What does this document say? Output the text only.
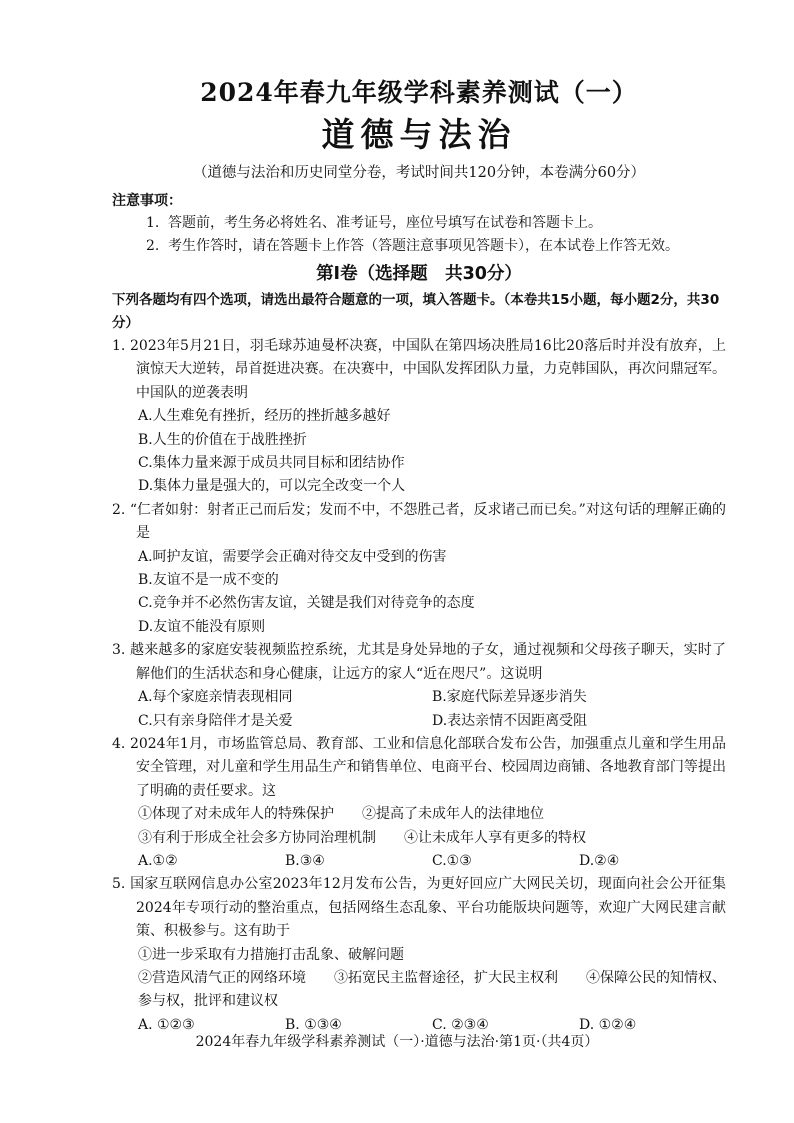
2024年春九年级学科素养测试（一）
道德与法治
（道德与法治和历史同堂分卷，考试时间共120分钟，本卷满分60分）
注意事项：
1. 答题前，考生务必将姓名、准考证号，座位号填写在试卷和答题卡上。
2. 考生作答时，请在答题卡上作答（答题注意事项见答题卡），在本试卷上作答无效。
第Ⅰ卷（选择题　共30分）
下列各题均有四个选项，请选出最符合题意的一项，填入答题卡。（本卷共15小题，每小题2分，共30分）
1. 2023年5月21日，羽毛球苏迪曼杯决赛，中国队在第四场决胜局16比20落后时并没有放弃，上演惊天大逆转，昂首挺进决赛。在决赛中，中国队发挥团队力量，力克韩国队，再次问鼎冠军。中国队的逆袭表明
A.人生难免有挫折，经历的挫折越多越好
B.人生的价值在于战胜挫折
C.集体力量来源于成员共同目标和团结协作
D.集体力量是强大的，可以完全改变一个人
2. “仁者如射：射者正己而后发；发而不中，不怨胜己者，反求诸己而已矣。”对这句话的理解正确的是
A.呵护友谊，需要学会正确对待交友中受到的伤害
B.友谊不是一成不变的
C.竞争并不必然伤害友谊，关键是我们对待竞争的态度
D.友谊不能没有原则
3. 越来越多的家庭安装视频监控系统，尤其是身处异地的子女，通过视频和父母孩子聊天，实时了解他们的生活状态和身心健康，让远方的家人“近在咫尺”。这说明
A.每个家庭亲情表现相同	B.家庭代际差异逐步消失
C.只有亲身陪伴才是关爱	D.表达亲情不因距离受阻
4. 2024年1月，市场监管总局、教育部、工业和信息化部联合发布公告，加强重点儿童和学生用品安全管理，对儿童和学生用品生产和销售单位、电商平台、校园周边商铺、各地教育部门等提出了明确的责任要求。这
①体现了对未成年人的特殊保护　　②提高了未成年人的法律地位
③有利于形成全社会多方协同治理机制　　④让未成年人享有更多的特权
A.①②	B.③④	C.①③	D.②④
5. 国家互联网信息办公室2023年12月发布公告，为更好回应广大网民关切，现面向社会公开征集2024年专项行动的整治重点，包括网络生态乱象、平台功能版块问题等，欢迎广大网民建言献策、积极参与。这有助于
①进一步采取有力措施打击乱象、破解问题
②营造风清气正的网络环境　　③拓宽民主监督途径，扩大民主权利　　④保障公民的知情权、参与权，批评和建议权
A. ①②③	B. ①③④	C. ②③④	D. ①②④
2024年春九年级学科素养测试（一）·道德与法治·第1页·（共4页）
